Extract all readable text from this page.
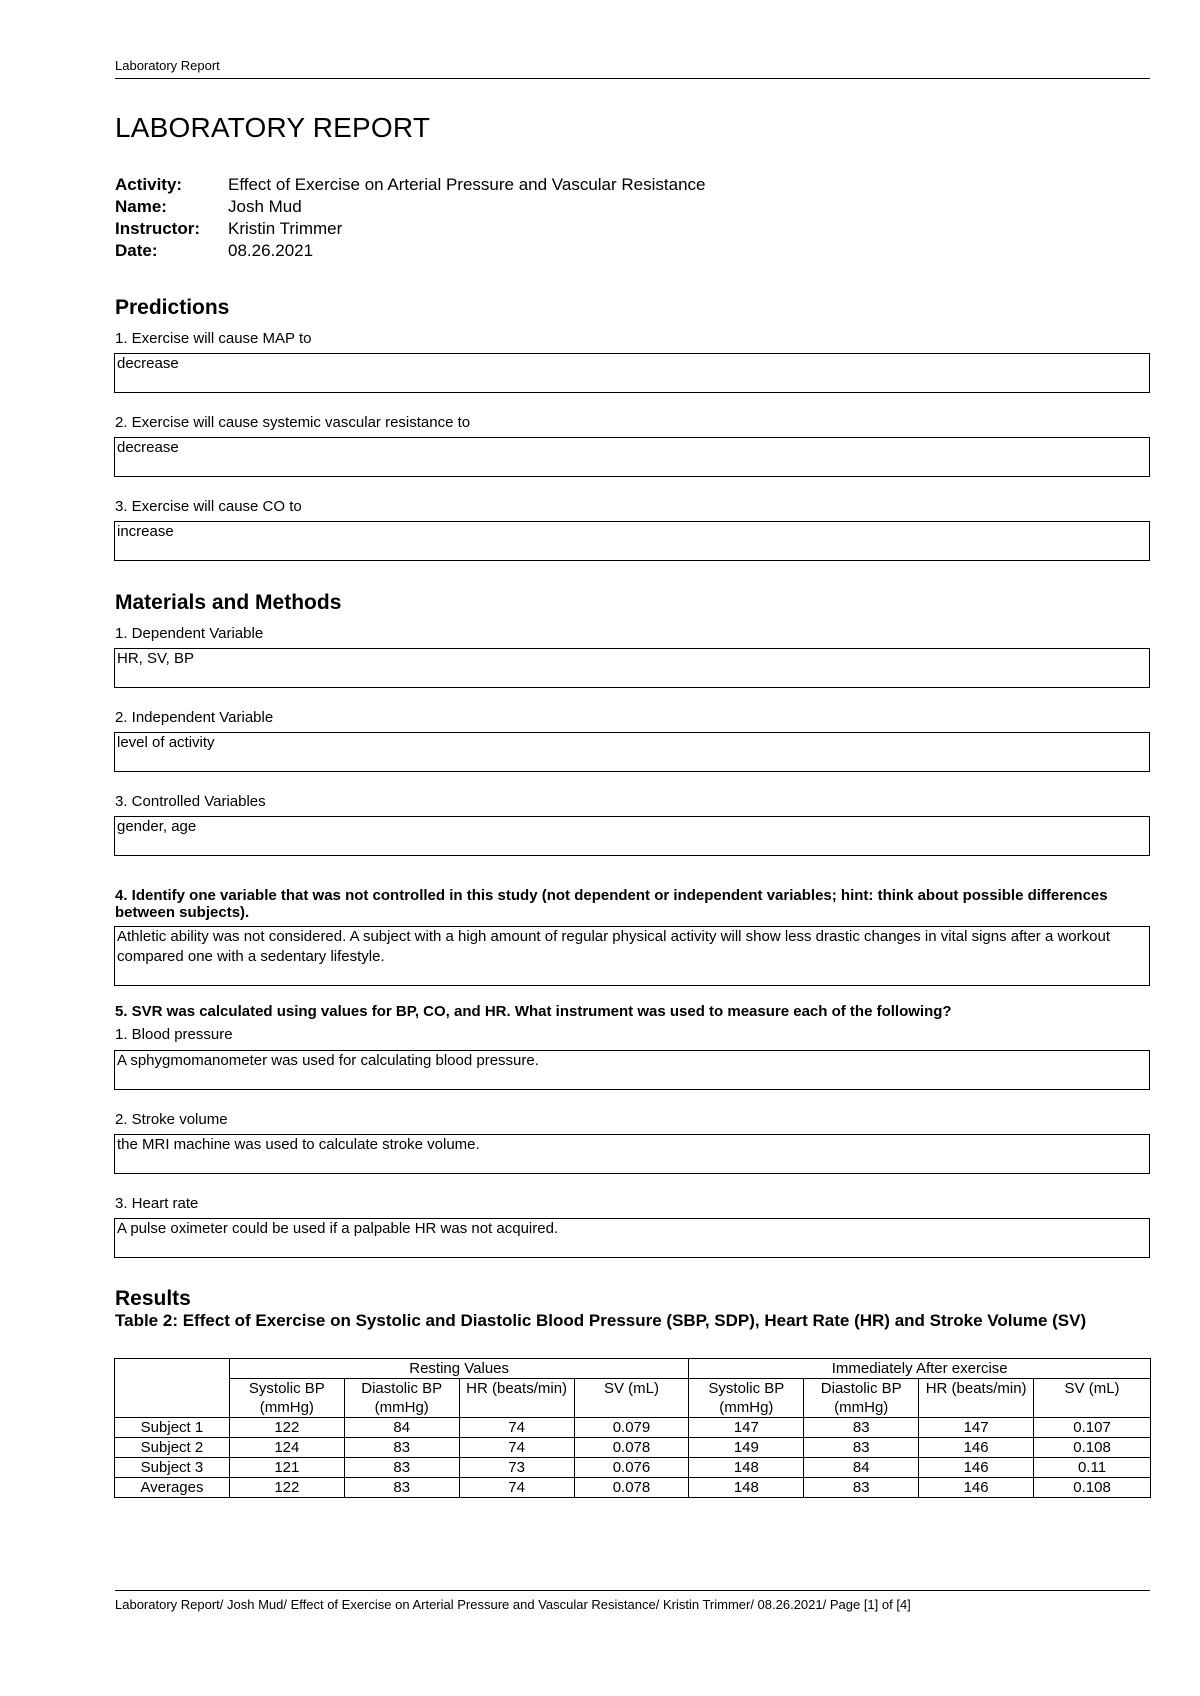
Laboratory Report
LABORATORY REPORT
Activity:	Effect of Exercise on Arterial Pressure and Vascular Resistance
Name:	Josh Mud
Instructor:	Kristin Trimmer
Date:	08.26.2021
Predictions
1. Exercise will cause MAP to
decrease
2. Exercise will cause systemic vascular resistance to
decrease
3. Exercise will cause CO to
increase
Materials and Methods
1. Dependent Variable
HR, SV, BP
2. Independent Variable
level of activity
3. Controlled Variables
gender, age
4. Identify one variable that was not controlled in this study (not dependent or independent variables; hint: think about possible differences between subjects).
Athletic ability was not considered. A subject with a high amount of regular physical activity will show less drastic changes in vital signs after a workout compared one with a sedentary lifestyle.
5. SVR was calculated using values for BP, CO, and HR. What instrument was used to measure each of the following?
1. Blood pressure
A sphygmomanometer was used for calculating blood pressure.
2. Stroke volume
the MRI machine was used to calculate stroke volume.
3. Heart rate
A pulse oximeter could be used if a palpable HR was not acquired.
Results
Table 2: Effect of Exercise on Systolic and Diastolic Blood Pressure (SBP, SDP), Heart Rate (HR) and Stroke Volume (SV)
	Resting Values				Immediately After exercise			
	Systolic BP (mmHg)	Diastolic BP (mmHg)	HR (beats/min)	SV (mL)	Systolic BP (mmHg)	Diastolic BP (mmHg)	HR (beats/min)	SV (mL)
Subject 1	122	84	74	0.079	147	83	147	0.107
Subject 2	124	83	74	0.078	149	83	146	0.108
Subject 3	121	83	73	0.076	148	84	146	0.11
Averages	122	83	74	0.078	148	83	146	0.108
Laboratory Report/ Josh Mud/ Effect of Exercise on Arterial Pressure and Vascular Resistance/ Kristin Trimmer/ 08.26.2021/ Page [1] of [4]
